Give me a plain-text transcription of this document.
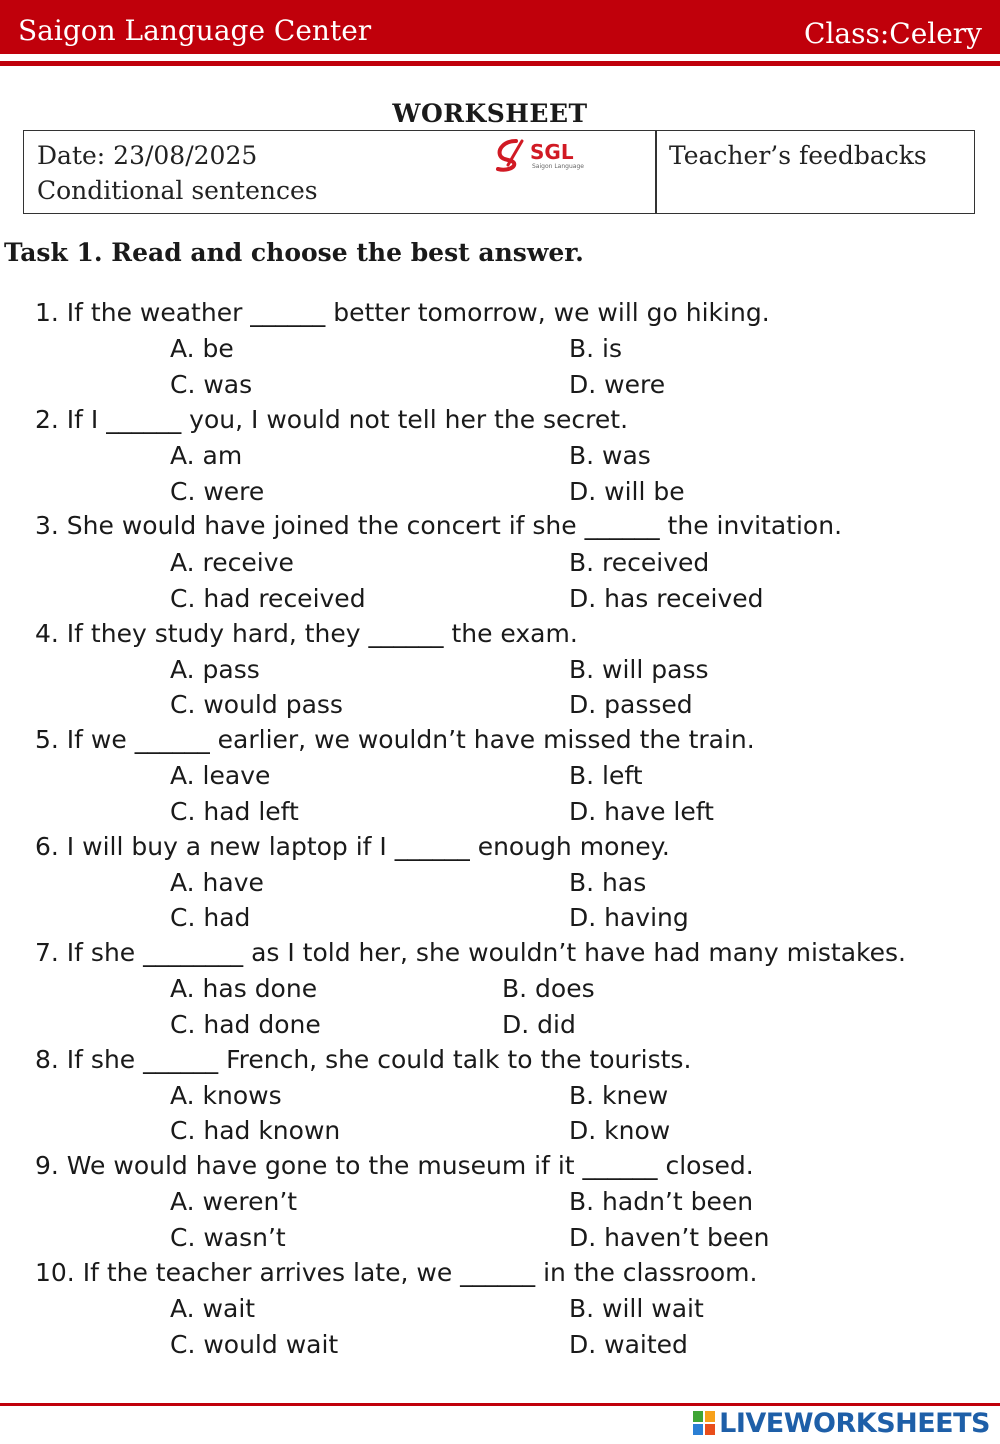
Saigon Language Center	Class:Celery
WORKSHEET
Date: 23/08/2025
Conditional sentences
SGL
Saigon Language	Teacher’s feedbacks
Task 1. Read and choose the best answer.
1. If the weather ______ better tomorrow, we will go hiking.
A. be	B. is
C. was	D. were
2. If I ______ you, I would not tell her the secret.
A. am	B. was
C. were	D. will be
3. She would have joined the concert if she ______ the invitation.
A. receive	B. received
C. had received	D. has received
4. If they study hard, they ______ the exam.
A. pass	B. will pass
C. would pass	D. passed
5. If we ______ earlier, we wouldn’t have missed the train.
A. leave	B. left
C. had left	D. have left
6. I will buy a new laptop if I ______ enough money.
A. have	B. has
C. had	D. having
7. If she ________ as I told her, she wouldn’t have had many mistakes.
A. has done	B. does
C. had done	D. did
8. If she ______ French, she could talk to the tourists.
A. knows	B. knew
C. had known	D. know
9. We would have gone to the museum if it ______ closed.
A. weren’t	B. hadn’t been
C. wasn’t	D. haven’t been
10. If the teacher arrives late, we ______ in the classroom.
A. wait	B. will wait
C. would wait	D. waited
LIVEWORKSHEETS
